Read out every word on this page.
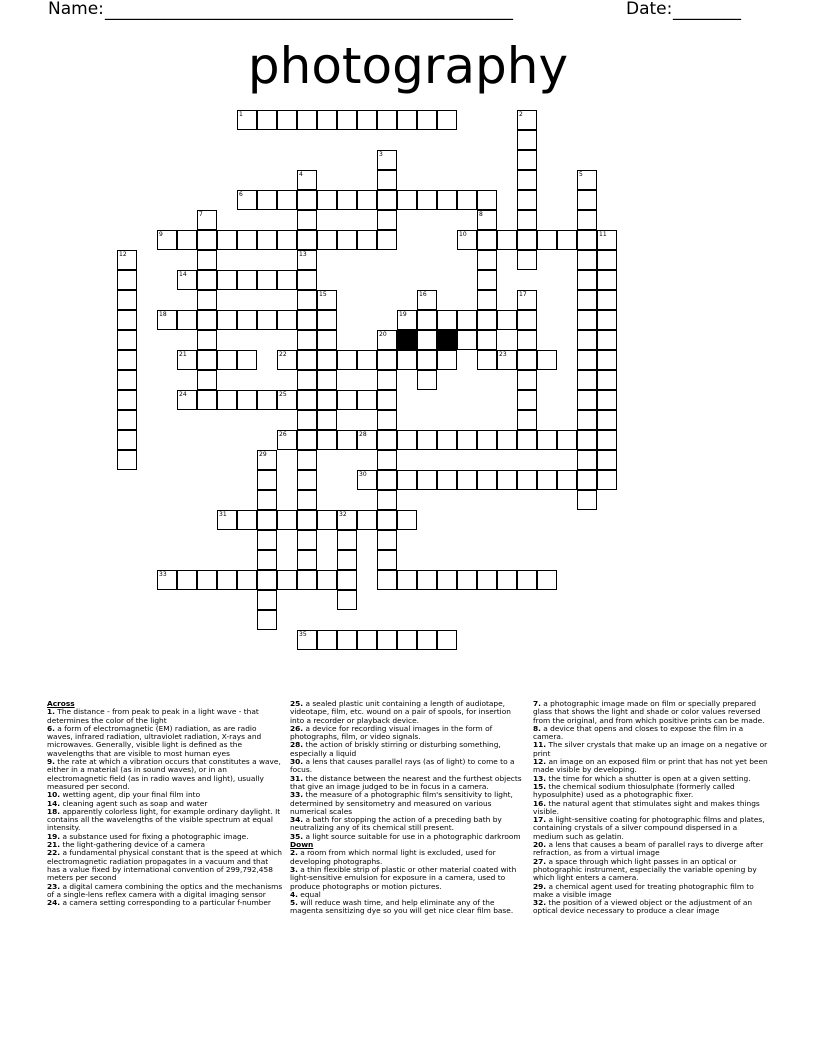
Name: ________________________________________________	Date: ________
photography
1	2
3
4	5
6
7	8
9	10	11
12	13
14
15	16	17
18	19
20
21	22	23
24	25
26	28
29
30
31	32
33
35
Across

1. The distance - from peak to peak in a light wave - that determines the color of the light

6. a form of electromagnetic (EM) radiation, as are radio waves, infrared radiation, ultraviolet radiation, X-rays and microwaves. Generally, visible light is defined as the wavelengths that are visible to most human eyes

9. the rate at which a vibration occurs that constitutes a wave, either in a material (as in sound waves), or in an electromagnetic field (as in radio waves and light), usually measured per second.

10. wetting agent, dip your final film into

14. cleaning agent such as soap and water

18. apparently colorless light, for example ordinary daylight. It contains all the wavelengths of the visible spectrum at equal intensity.

19. a substance used for fixing a photographic image.

21. the light-gathering device of a camera

22. a fundamental physical constant that is the speed at which electromagnetic radiation propagates in a vacuum and that has a value fixed by international convention of 299,792,458 meters per second

23. a digital camera combining the optics and the mechanisms of a single-lens reflex camera with a digital imaging sensor

24. a camera setting corresponding to a particular f-number

25. a sealed plastic unit containing a length of audiotape, videotape, film, etc. wound on a pair of spools, for insertion into a recorder or playback device.

26. a device for recording visual images in the form of photographs, film, or video signals.

28. the action of briskly stirring or disturbing something, especially a liquid

30. a lens that causes parallel rays (as of light) to come to a focus.

31. the distance between the nearest and the furthest objects that give an image judged to be in focus in a camera.

33. the measure of a photographic film's sensitivity to light, determined by sensitometry and measured on various numerical scales

34. a bath for stopping the action of a preceding bath by neutralizing any of its chemical still present.

35. a light source suitable for use in a photographic darkroom

Down

2. a room from which normal light is excluded, used for developing photographs.

3. a thin flexible strip of plastic or other material coated with light-sensitive emulsion for exposure in a camera, used to produce photographs or motion pictures.

4. equal

5. will reduce wash time, and help eliminate any of the magenta sensitizing dye so you will get nice clear film base.

7. a photographic image made on film or specially prepared glass that shows the light and shade or color values reversed from the original, and from which positive prints can be made.

8. a device that opens and closes to expose the film in a camera.

11. The silver crystals that make up an image on a negative or print

12. an image on an exposed film or print that has not yet been made visible by developing.

13. the time for which a shutter is open at a given setting.

15. the chemical sodium thiosulphate (formerly called hyposulphite) used as a photographic fixer.

16. the natural agent that stimulates sight and makes things visible.

17. a light-sensitive coating for photographic films and plates, containing crystals of a silver compound dispersed in a medium such as gelatin.

20. a lens that causes a beam of parallel rays to diverge after refraction, as from a virtual image

27. a space through which light passes in an optical or photographic instrument, especially the variable opening by which light enters a camera.

29. a chemical agent used for treating photographic film to make a visible image

32. the position of a viewed object or the adjustment of an optical device necessary to produce a clear image
